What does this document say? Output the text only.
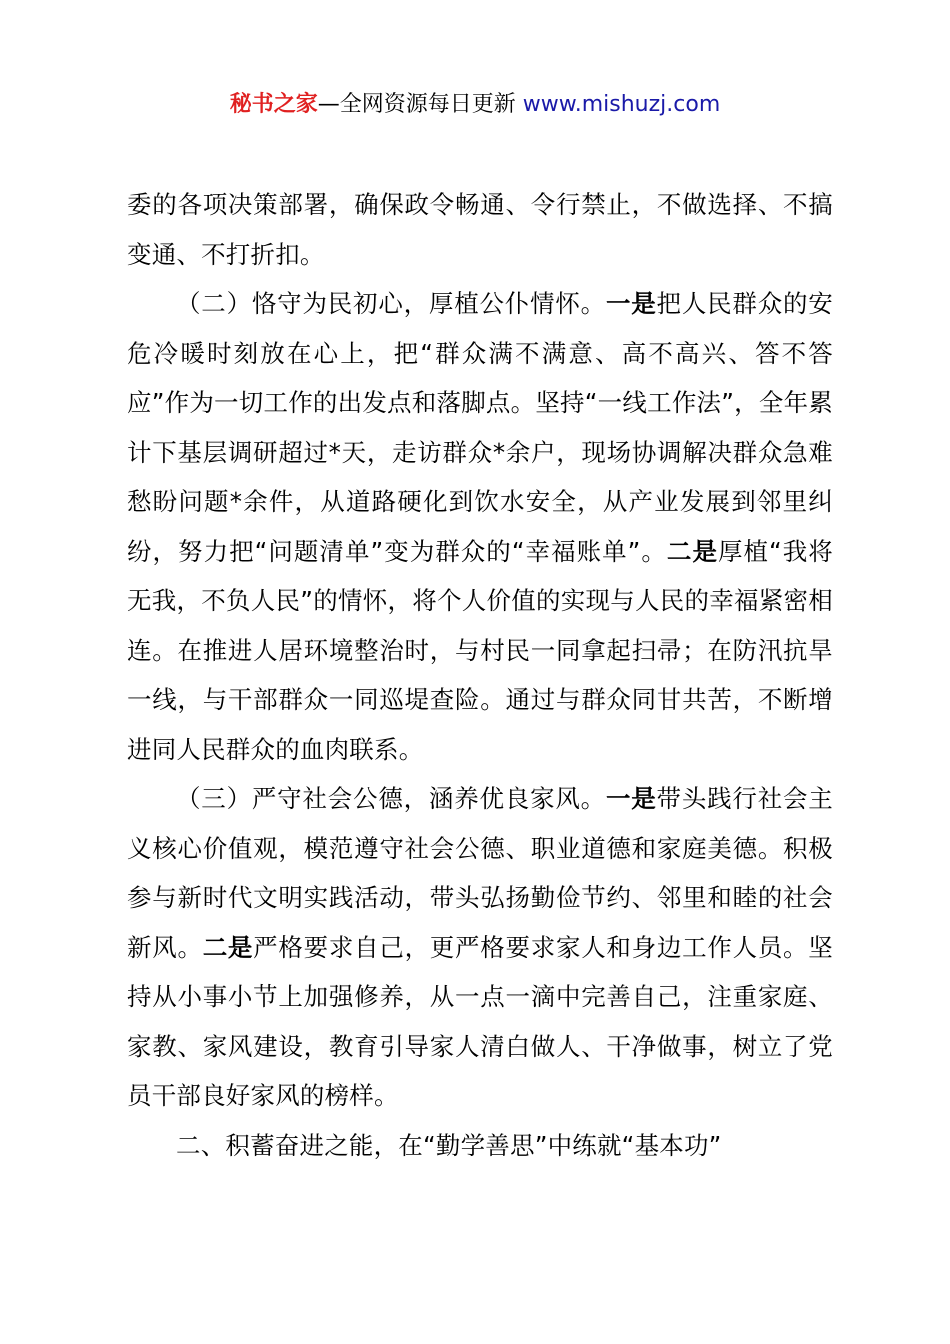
秘书之家—全网资源每日更新 www.mishuzj.com

委的各项决策部署，确保政令畅通、令行禁止，不做选择、不搞变通、不打折扣。

（二）恪守为民初心，厚植公仆情怀。一是把人民群众的安危冷暖时刻放在心上，把“群众满不满意、高不高兴、答不答应”作为一切工作的出发点和落脚点。坚持“一线工作法”，全年累计下基层调研超过*天，走访群众*余户，现场协调解决群众急难愁盼问题*余件，从道路硬化到饮水安全，从产业发展到邻里纠纷，努力把“问题清单”变为群众的“幸福账单”。二是厚植“我将无我，不负人民”的情怀，将个人价值的实现与人民的幸福紧密相连。在推进人居环境整治时，与村民一同拿起扫帚；在防汛抗旱一线，与干部群众一同巡堤查险。通过与群众同甘共苦，不断增进同人民群众的血肉联系。

（三）严守社会公德，涵养优良家风。一是带头践行社会主义核心价值观，模范遵守社会公德、职业道德和家庭美德。积极参与新时代文明实践活动，带头弘扬勤俭节约、邻里和睦的社会新风。二是严格要求自己，更严格要求家人和身边工作人员。坚持从小事小节上加强修养，从一点一滴中完善自己，注重家庭、家教、家风建设，教育引导家人清白做人、干净做事，树立了党员干部良好家风的榜样。

二、积蓄奋进之能，在“勤学善思”中练就“基本功”
